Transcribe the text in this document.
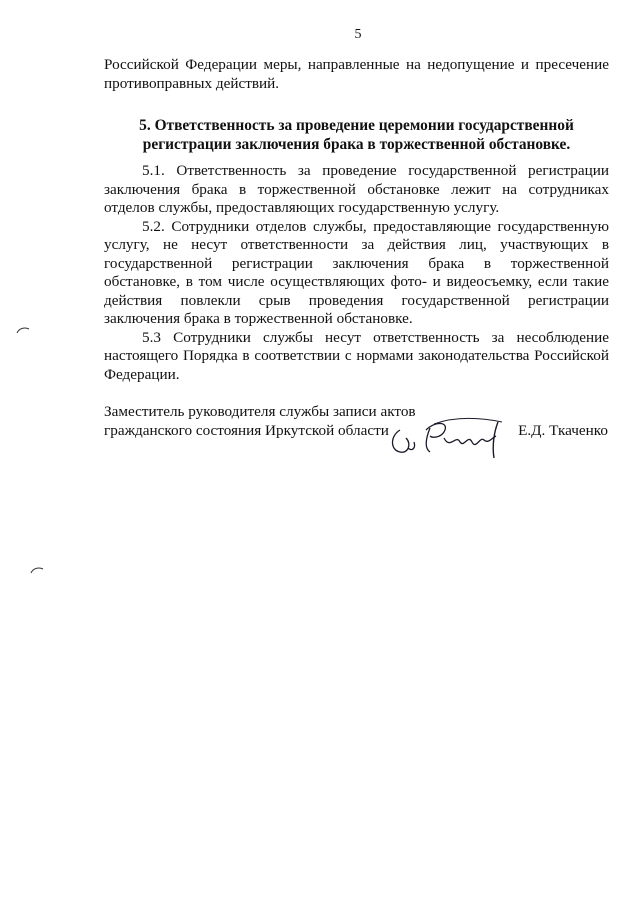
5
Российской Федерации меры, направленные на недопущение и пресечение противоправных действий.
5. Ответственность за проведение церемонии государственной регистрации заключения брака в торжественной обстановке.

5.1. Ответственность за проведение государственной регистрации заключения брака в торжественной обстановке лежит на сотрудниках отделов службы, предоставляющих государственную услугу.

5.2. Сотрудники отделов службы, предоставляющие государственную услугу, не несут ответственности за действия лиц, участвующих в государственной регистрации заключения брака в торжественной обстановке, в том числе осуществляющих фото- и видеосъемку, если такие действия повлекли срыв проведения государственной регистрации заключения брака в торжественной обстановке.

5.3 Сотрудники службы несут ответственность за несоблюдение настоящего Порядка в соответствии с нормами законодательства Российской Федерации.

Заместитель руководителя службы записи актов
гражданского состояния Иркутской области	Е.Д. Ткаченко
